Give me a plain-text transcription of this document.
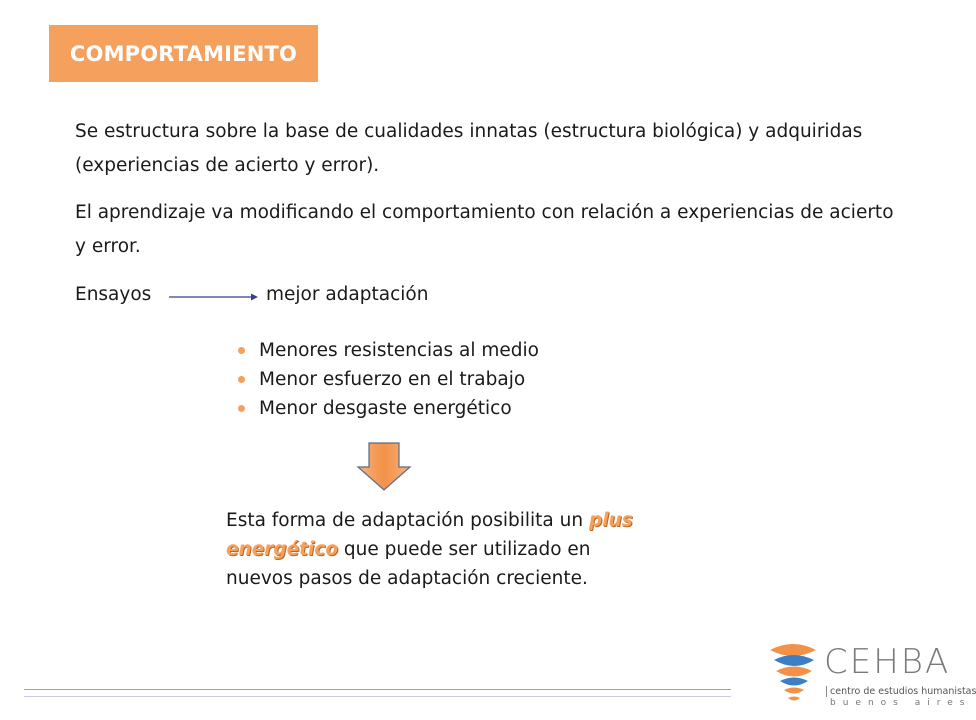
COMPORTAMIENTO

Se estructura sobre la base de cualidades innatas (estructura biológica) y adquiridas (experiencias de acierto y error).

El aprendizaje va modificando el comportamiento con relación a experiencias de acierto y error.

Ensayos	mejor adaptación
Menores resistencias al medio
Menor esfuerzo en el trabajo
Menor desgaste energético
Esta forma de adaptación posibilita un plus energético que puede ser utilizado en nuevos pasos de adaptación creciente.
CEHBA
centro de estudios humanistas
buenos aires
